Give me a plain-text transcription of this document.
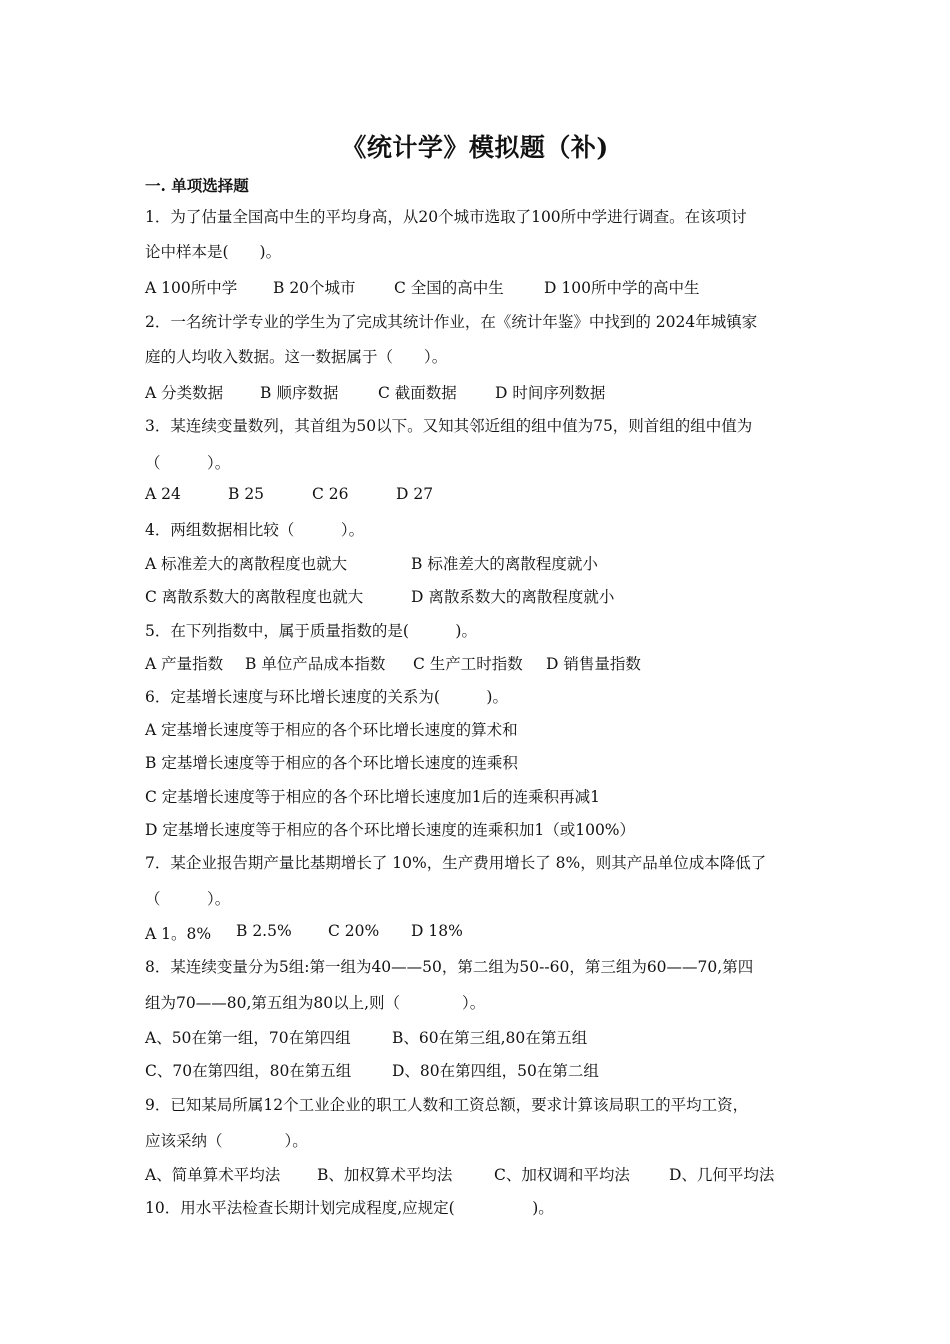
《统计学》模拟题（补)
一. 单项选择题
1．为了估量全国高中生的平均身高，从20个城市选取了100所中学进行调查。在该项讨
论中样本是(　　)。
A 100所中学	B 20个城市	C 全国的高中生	D 100所中学的高中生
2．一名统计学专业的学生为了完成其统计作业，在《统计年鉴》中找到的 2024年城镇家
庭的人均收入数据。这一数据属于（　　）。
A 分类数据	B 顺序数据	C 截面数据	D 时间序列数据
3．某连续变量数列，其首组为50以下。又知其邻近组的组中值为75，则首组的组中值为
（　　　）。
A 24	B 25	C 26	D 27
4．两组数据相比较（　　　）。
A 标准差大的离散程度也就大	B 标准差大的离散程度就小
C 离散系数大的离散程度也就大	D 离散系数大的离散程度就小
5．在下列指数中，属于质量指数的是(　　　)。
A 产量指数	B 单位产品成本指数	C 生产工时指数	D 销售量指数
6．定基增长速度与环比增长速度的关系为(　　　)。
A 定基增长速度等于相应的各个环比增长速度的算术和
B 定基增长速度等于相应的各个环比增长速度的连乘积
C 定基增长速度等于相应的各个环比增长速度加1后的连乘积再减1
D 定基增长速度等于相应的各个环比增长速度的连乘积加1（或100%）
7．某企业报告期产量比基期增长了 10%，生产费用增长了 8%，则其产品单位成本降低了
（　　　）。
A 1。8%	B 2.5%	C 20%	D 18%
8．某连续变量分为5组:第一组为40——50，第二组为50--60，第三组为60——70,第四
组为70——80,第五组为80以上,则（　　　　）。
A、50在第一组，70在第四组	B、60在第三组,80在第五组
C、70在第四组，80在第五组	D、80在第四组，50在第二组
9．已知某局所属12个工业企业的职工人数和工资总额，要求计算该局职工的平均工资，
应该采纳（　　　　）。
A、简单算术平均法	B、加权算术平均法	C、加权调和平均法	D、几何平均法
10．用水平法检查长期计划完成程度,应规定(　　　　　)。
